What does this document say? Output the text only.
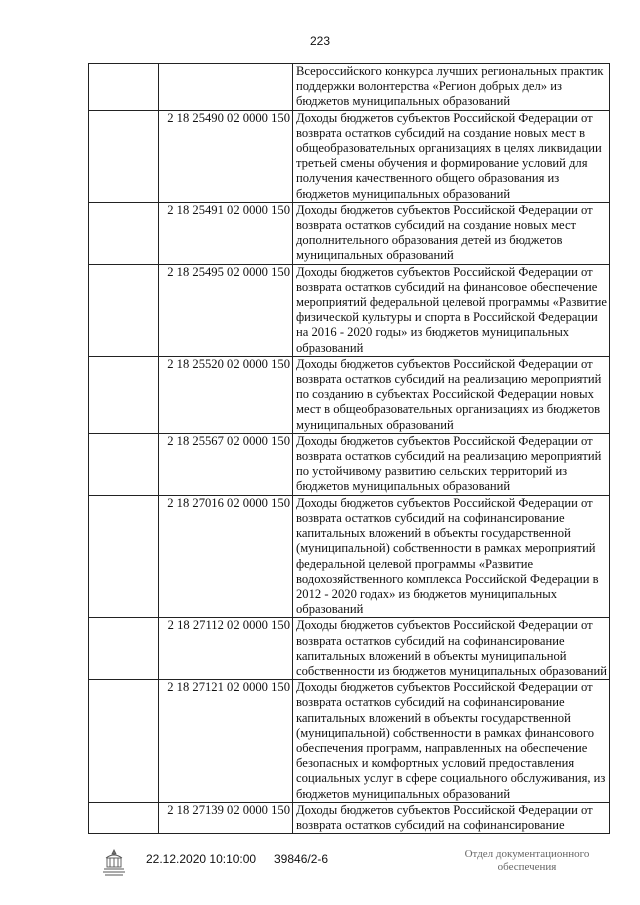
223
		Всероссийского конкурса лучших региональных практик поддержки волонтерства «Регион добрых дел» из бюджетов муниципальных образований
	2 18 25490 02 0000 150	Доходы бюджетов субъектов Российской Федерации от возврата остатков субсидий на создание новых мест в общеобразовательных организациях в целях ликвидации третьей смены обучения и формирование условий для получения качественного общего образования из бюджетов муниципальных образований
	2 18 25491 02 0000 150	Доходы бюджетов субъектов Российской Федерации от возврата остатков субсидий на создание новых мест дополнительного образования детей из бюджетов муниципальных образований
	2 18 25495 02 0000 150	Доходы бюджетов субъектов Российской Федерации от возврата остатков субсидий на финансовое обеспечение мероприятий федеральной целевой программы «Развитие физической культуры и спорта в Российской Федерации на 2016 - 2020 годы» из бюджетов муниципальных образований
	2 18 25520 02 0000 150	Доходы бюджетов субъектов Российской Федерации от возврата остатков субсидий на реализацию мероприятий по созданию в субъектах Российской Федерации новых мест в общеобразовательных организациях из бюджетов муниципальных образований
	2 18 25567 02 0000 150	Доходы бюджетов субъектов Российской Федерации от возврата остатков субсидий на реализацию мероприятий по устойчивому развитию сельских территорий из бюджетов муниципальных образований
	2 18 27016 02 0000 150	Доходы бюджетов субъектов Российской Федерации от возврата остатков субсидий на софинансирование капитальных вложений в объекты государственной (муниципальной) собственности в рамках мероприятий федеральной целевой программы «Развитие водохозяйственного комплекса Российской Федерации в 2012 - 2020 годах» из бюджетов муниципальных образований
	2 18 27112 02 0000 150	Доходы бюджетов субъектов Российской Федерации от возврата остатков субсидий на софинансирование капитальных вложений в объекты муниципальной собственности из бюджетов муниципальных образований
	2 18 27121 02 0000 150	Доходы бюджетов субъектов Российской Федерации от возврата остатков субсидий на софинансирование капитальных вложений в объекты государственной (муниципальной) собственности в рамках финансового обеспечения программ, направленных на обеспечение безопасных и комфортных условий предоставления социальных услуг в сфере социального обслуживания, из бюджетов муниципальных образований
	2 18 27139 02 0000 150	Доходы бюджетов субъектов Российской Федерации от возврата остатков субсидий на софинансирование
22.12.2020 10:10:00 39846/2-6	Отдел документационного обеспечения
